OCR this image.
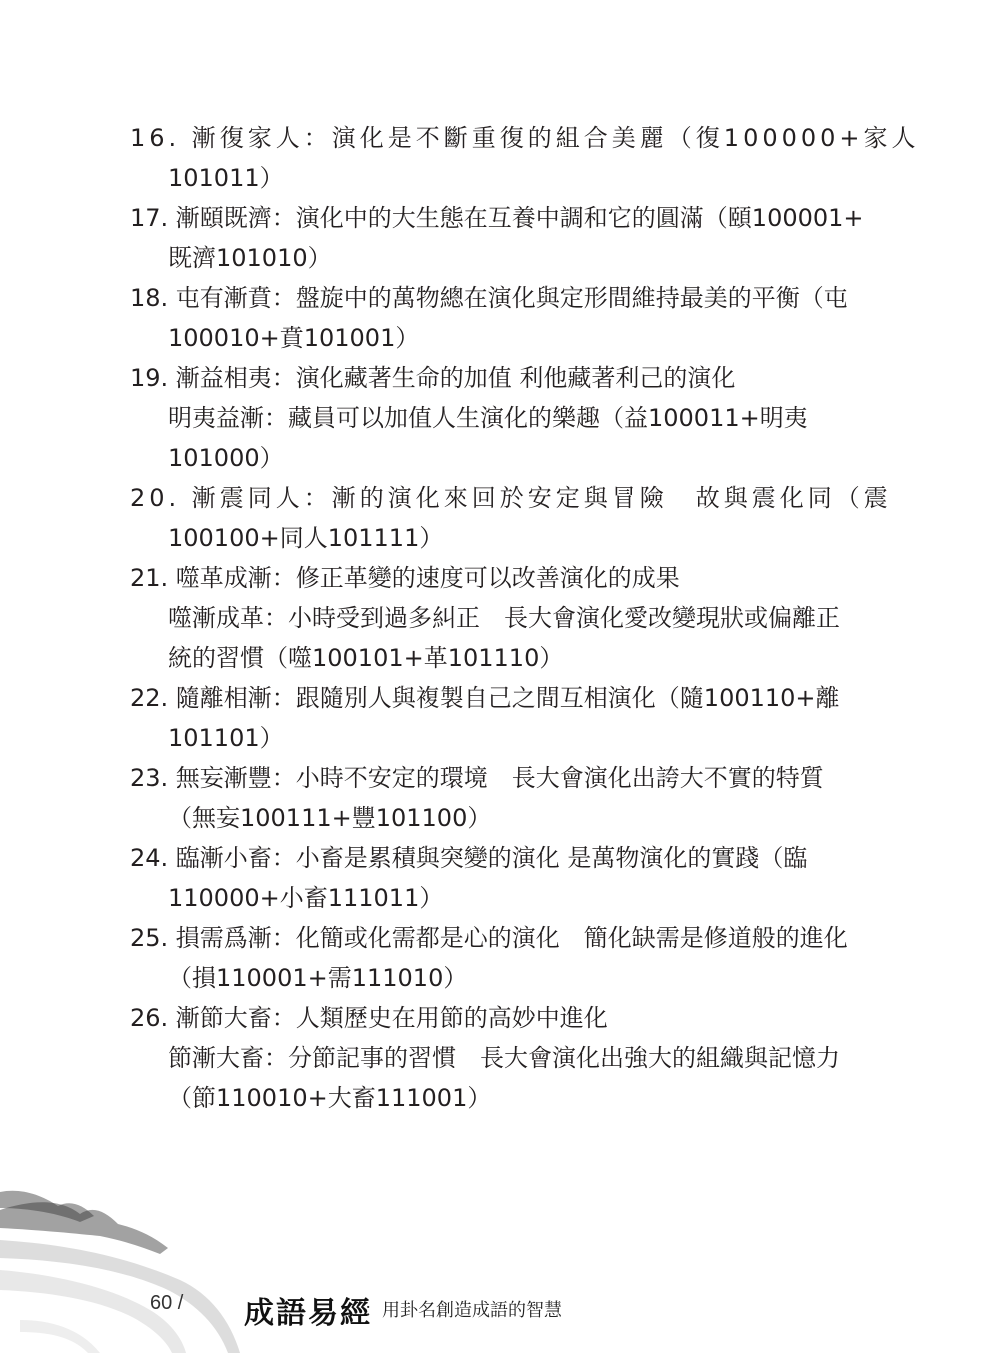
16. 漸復家人：演化是不斷重復的組合美麗（復100000+家人
101011）
17. 漸頤既濟：演化中的大生態在互養中調和它的圓滿（頤100001+
既濟101010）
18. 屯有漸賁：盤旋中的萬物總在演化與定形間維持最美的平衡（屯
100010+賁101001）
19. 漸益相夷：演化藏著生命的加值 利他藏著利己的演化
明夷益漸：藏員可以加值人生演化的樂趣（益100011+明夷
101000）
20. 漸震同人：漸的演化來回於安定與冒險　故與震化同（震
100100+同人101111）
21. 噬革成漸：修正革變的速度可以改善演化的成果
噬漸成革：小時受到過多糾正　長大會演化愛改變現狀或偏離正
統的習慣（噬100101+革101110）
22. 隨離相漸：跟隨別人與複製自己之間互相演化（隨100110+離
101101）
23. 無妄漸豐：小時不安定的環境　長大會演化出誇大不實的特質
（無妄100111+豐101100）
24. 臨漸小畜：小畜是累積與突變的演化 是萬物演化的實踐（臨
110000+小畜111011）
25. 損需爲漸：化簡或化需都是心的演化　簡化缺需是修道般的進化
（損110001+需111010）
26. 漸節大畜：人類歷史在用節的高妙中進化
節漸大畜：分節記事的習慣　長大會演化出強大的組織與記憶力
（節110010+大畜111001）
60 / 成語易經
：用卦名創造成語的智慧
